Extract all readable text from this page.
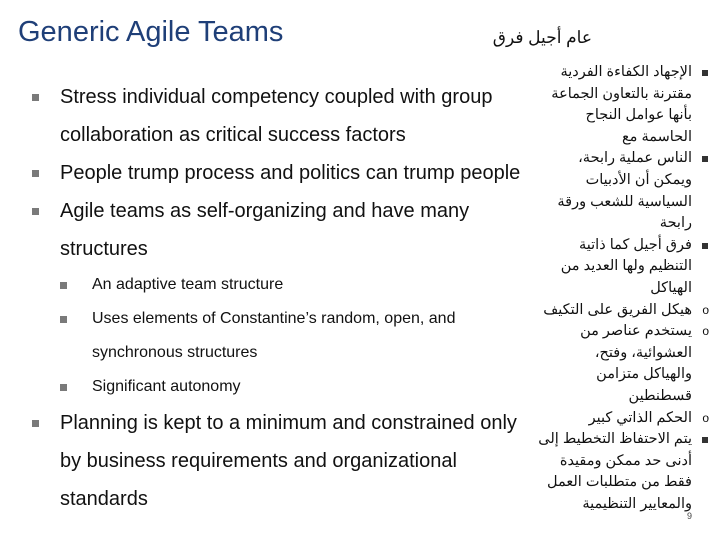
Generic Agile Teams	عام أجيل فرق
Stress individual competency coupled with group
collaboration as critical success factors
People trump process and politics can trump people
Agile teams as self-organizing and have many
structures
An adaptive team structure
Uses elements of Constantine’s random, open, and
synchronous structures
Significant autonomy
Planning is kept to a minimum and constrained only
by business requirements and organizational
standards
الإجهاد الكفاءة الفردية
مقترنة بالتعاون الجماعة
بأنها عوامل النجاح
الحاسمة مع
الناس عملية رابحة،
ويمكن أن الأدبيات
السياسية للشعب ورقة
رابحة
فرق أجيل كما ذاتية
التنظيم ولها العديد من
الهياكل
o
هيكل الفريق على التكيف
o
يستخدم عناصر من
العشوائية، وفتح،
والهياكل متزامن
قسطنطين
o
الحكم الذاتي كبير
يتم الاحتفاظ التخطيط إلى
أدنى حد ممكن ومقيدة
فقط من متطلبات العمل
والمعايير التنظيمية
9
